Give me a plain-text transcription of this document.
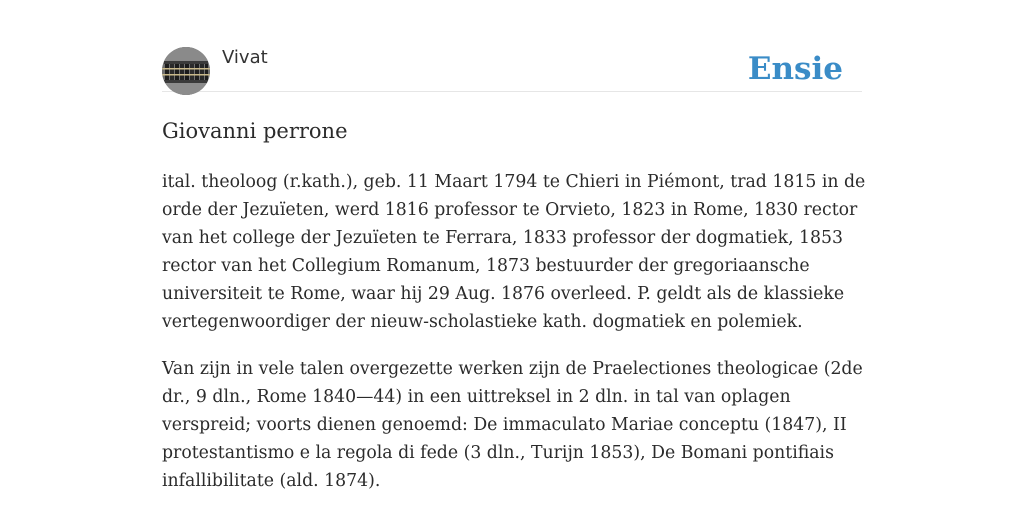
Vivat	Ensie
Giovanni perrone

ital. theoloog (r.kath.), geb. 11 Maart 1794 te Chieri in Piémont, trad 1815 in de orde der Jezuïeten, werd 1816 professor te Orvieto, 1823 in Rome, 1830 rector van het college der Jezuïeten te Ferrara, 1833 professor der dogmatiek, 1853 rector van het Collegium Romanum, 1873 bestuurder der gregoriaansche universiteit te Rome, waar hij 29 Aug. 1876 overleed. P. geldt als de klassieke vertegenwoordiger der nieuw-scholastieke kath. dogmatiek en polemiek.

Van zijn in vele talen overgezette werken zijn de Praelectiones theologicae (2de dr., 9 dln., Rome 1840—44) in een uittreksel in 2 dln. in tal van oplagen verspreid; voorts dienen genoemd: De immaculato Mariae conceptu (1847), II protestantismo e la regola di fede (3 dln., Turijn 1853), De Bomani pontifiais infallibilitate (ald. 1874).
